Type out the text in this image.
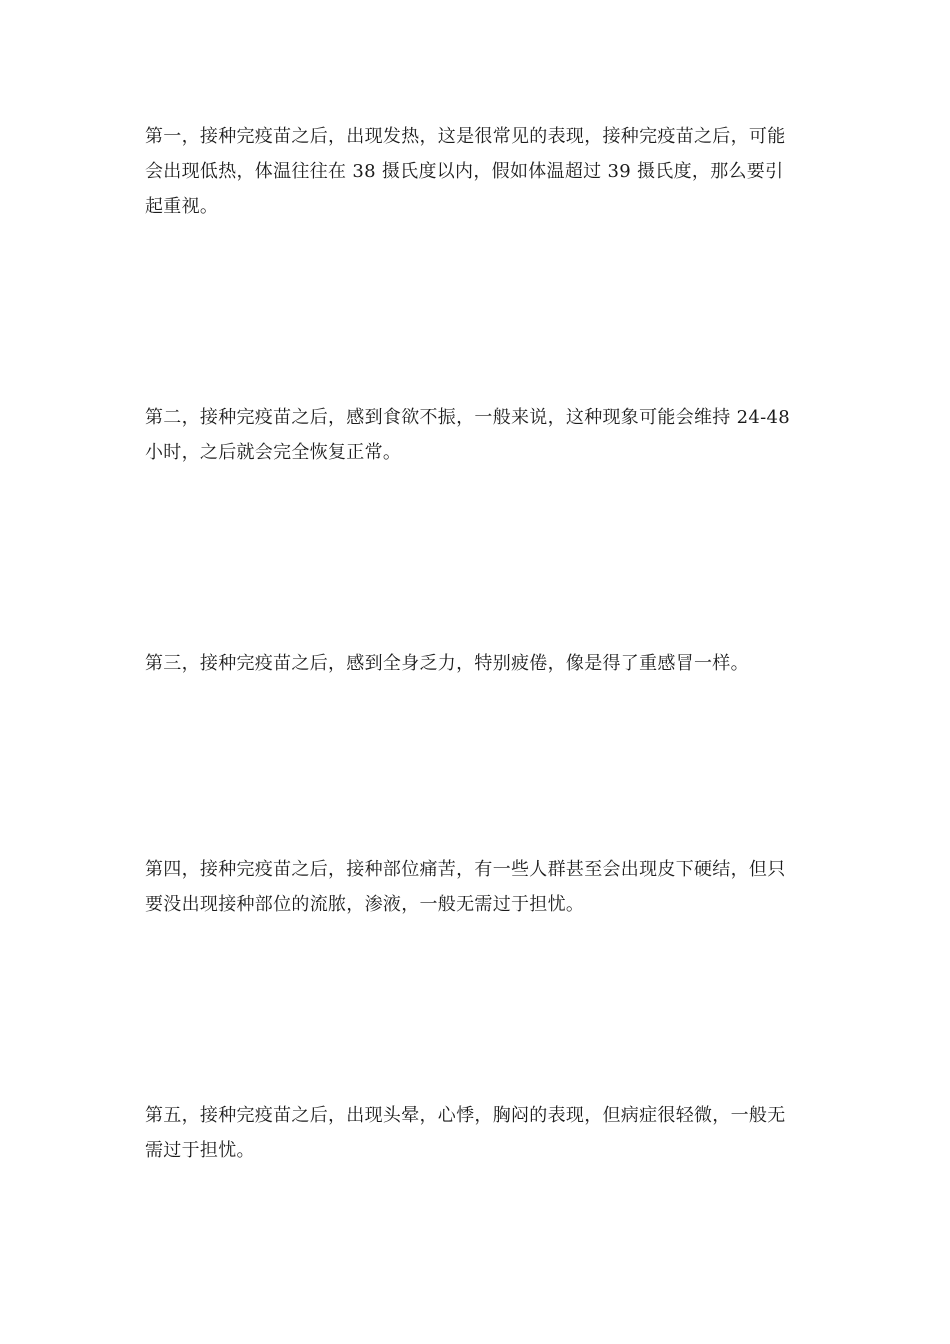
第一，接种完疫苗之后，出现发热，这是很常见的表现，接种完疫苗之后，可能会出现低热，体温往往在 38 摄氏度以内，假如体温超过 39 摄氏度，那么要引起重视。

第二，接种完疫苗之后，感到食欲不振，一般来说，这种现象可能会维持 24-48 小时，之后就会完全恢复正常。

第三，接种完疫苗之后，感到全身乏力，特别疲倦，像是得了重感冒一样。

第四，接种完疫苗之后，接种部位痛苦，有一些人群甚至会出现皮下硬结，但只要没出现接种部位的流脓，渗液，一般无需过于担忧。

第五，接种完疫苗之后，出现头晕，心悸，胸闷的表现，但病症很轻微，一般无需过于担忧。
